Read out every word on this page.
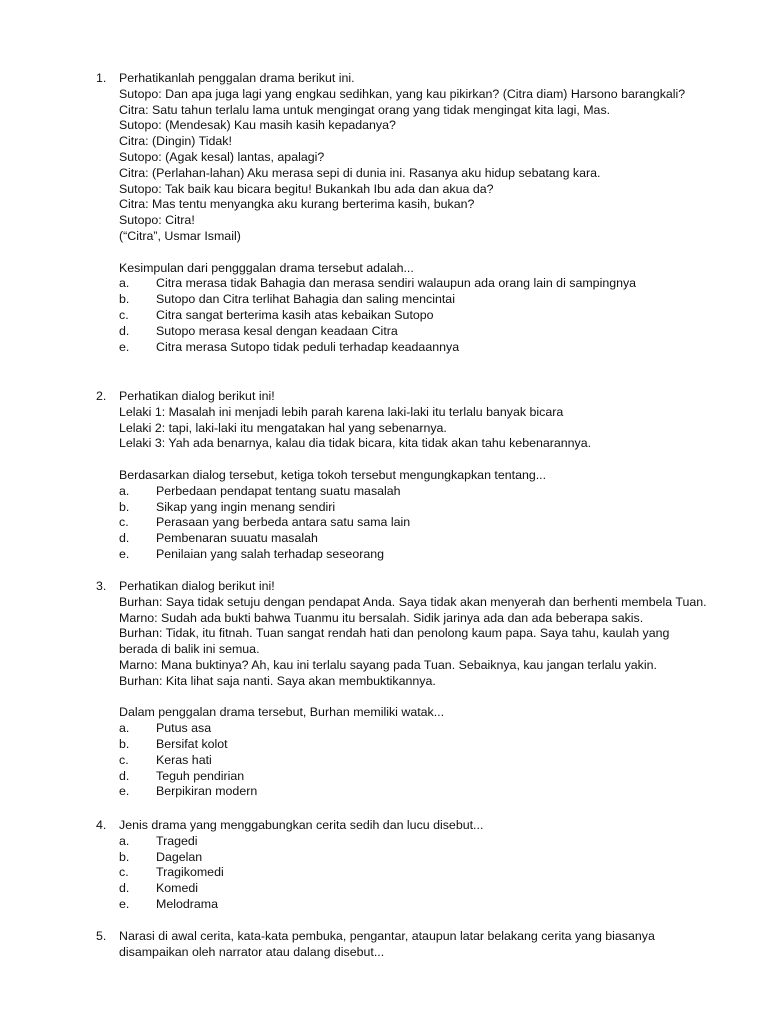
1.	Perhatikanlah penggalan drama berikut ini.
Sutopo: Dan apa juga lagi yang engkau sedihkan, yang kau pikirkan? (Citra diam) Harsono barangkali?
Citra: Satu tahun terlalu lama untuk mengingat orang yang tidak mengingat kita lagi, Mas.
Sutopo: (Mendesak) Kau masih kasih kepadanya?
Citra: (Dingin) Tidak!
Sutopo: (Agak kesal) lantas, apalagi?
Citra: (Perlahan-lahan) Aku merasa sepi di dunia ini. Rasanya aku hidup sebatang kara.
Sutopo: Tak baik kau bicara begitu! Bukankah Ibu ada dan akua da?
Citra: Mas tentu menyangka aku kurang berterima kasih, bukan?
Sutopo: Citra!
(“Citra”, Usmar Ismail)
Kesimpulan dari pengggalan drama tersebut adalah...
a. Citra merasa tidak Bahagia dan merasa sendiri walaupun ada orang lain di sampingnya
b. Sutopo dan Citra terlihat Bahagia dan saling mencintai
c. Citra sangat berterima kasih atas kebaikan Sutopo
d. Sutopo merasa kesal dengan keadaan Citra
e. Citra merasa Sutopo tidak peduli terhadap keadaannya
2.	Perhatikan dialog berikut ini!
Lelaki 1: Masalah ini menjadi lebih parah karena laki-laki itu terlalu banyak bicara
Lelaki 2: tapi, laki-laki itu mengatakan hal yang sebenarnya.
Lelaki 3: Yah ada benarnya, kalau dia tidak bicara, kita tidak akan tahu kebenarannya.
Berdasarkan dialog tersebut, ketiga tokoh tersebut mengungkapkan tentang...
a. Perbedaan pendapat tentang suatu masalah
b. Sikap yang ingin menang sendiri
c. Perasaan yang berbeda antara satu sama lain
d. Pembenaran suuatu masalah
e. Penilaian yang salah terhadap seseorang
3.	Perhatikan dialog berikut ini!
Burhan: Saya tidak setuju dengan pendapat Anda. Saya tidak akan menyerah dan berhenti membela Tuan.
Marno: Sudah ada bukti bahwa Tuanmu itu bersalah. Sidik jarinya ada dan ada beberapa sakis.
Burhan: Tidak, itu fitnah. Tuan sangat rendah hati dan penolong kaum papa. Saya tahu, kaulah yang
berada di balik ini semua.
Marno: Mana buktinya? Ah, kau ini terlalu sayang pada Tuan. Sebaiknya, kau jangan terlalu yakin.
Burhan: Kita lihat saja nanti. Saya akan membuktikannya.
Dalam penggalan drama tersebut, Burhan memiliki watak...
a. Putus asa
b. Bersifat kolot
c. Keras hati
d. Teguh pendirian
e. Berpikiran modern
4.	Jenis drama yang menggabungkan cerita sedih dan lucu disebut...
a. Tragedi
b. Dagelan
c. Tragikomedi
d. Komedi
e. Melodrama
5.	Narasi di awal cerita, kata-kata pembuka, pengantar, ataupun latar belakang cerita yang biasanya
disampaikan oleh narrator atau dalang disebut...
